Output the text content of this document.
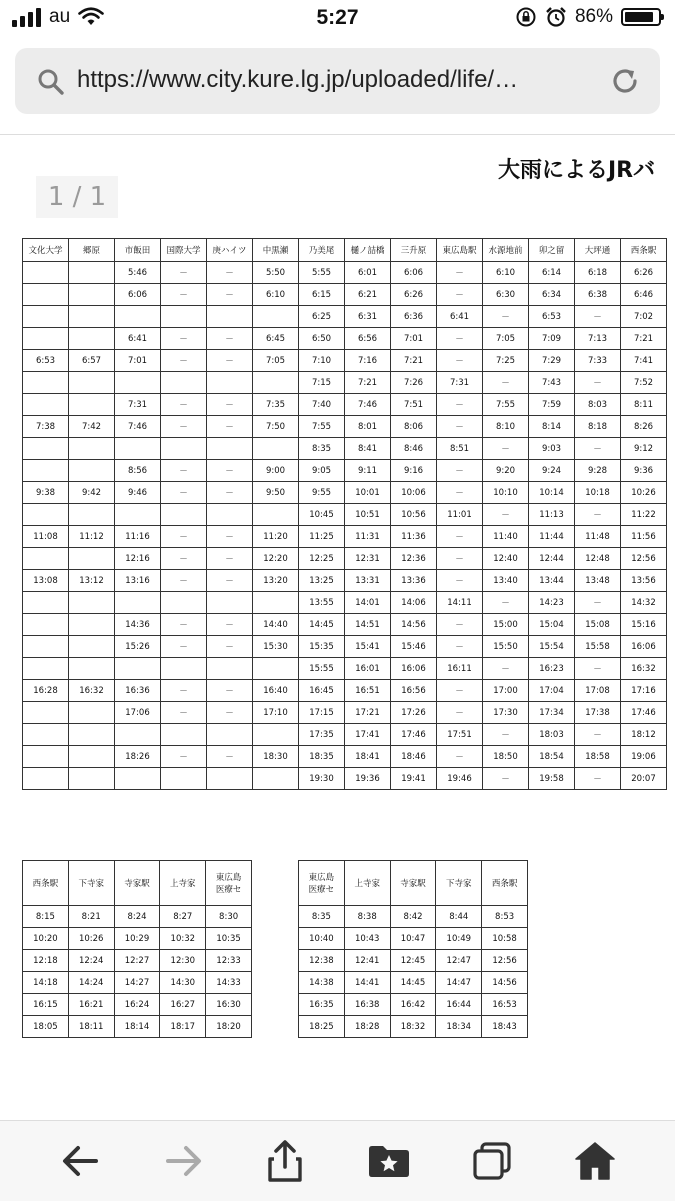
au	5:27	86%
https://www.city.kure.lg.jp/uploaded/life/…
大雨によるJRバ
1 / 1
文化大学	郷原	市飯田	国際大学	庚ハイツ	中黒瀬	乃美尾	樋ノ詰橋	三升原	東広島駅	水源地前	卯之留	大坪通	西条駅
		5:46	－	－	5:50	5:55	6:01	6:06	－	6:10	6:14	6:18	6:26
		6:06	－	－	6:10	6:15	6:21	6:26	－	6:30	6:34	6:38	6:46
						6:25	6:31	6:36	6:41	－	6:53	－	7:02
		6:41	－	－	6:45	6:50	6:56	7:01	－	7:05	7:09	7:13	7:21
6:53	6:57	7:01	－	－	7:05	7:10	7:16	7:21	－	7:25	7:29	7:33	7:41
						7:15	7:21	7:26	7:31	－	7:43	－	7:52
		7:31	－	－	7:35	7:40	7:46	7:51	－	7:55	7:59	8:03	8:11
7:38	7:42	7:46	－	－	7:50	7:55	8:01	8:06	－	8:10	8:14	8:18	8:26
						8:35	8:41	8:46	8:51	－	9:03	－	9:12
		8:56	－	－	9:00	9:05	9:11	9:16	－	9:20	9:24	9:28	9:36
9:38	9:42	9:46	－	－	9:50	9:55	10:01	10:06	－	10:10	10:14	10:18	10:26
						10:45	10:51	10:56	11:01	－	11:13	－	11:22
11:08	11:12	11:16	－	－	11:20	11:25	11:31	11:36	－	11:40	11:44	11:48	11:56
		12:16	－	－	12:20	12:25	12:31	12:36	－	12:40	12:44	12:48	12:56
13:08	13:12	13:16	－	－	13:20	13:25	13:31	13:36	－	13:40	13:44	13:48	13:56
						13:55	14:01	14:06	14:11	－	14:23	－	14:32
		14:36	－	－	14:40	14:45	14:51	14:56	－	15:00	15:04	15:08	15:16
		15:26	－	－	15:30	15:35	15:41	15:46	－	15:50	15:54	15:58	16:06
						15:55	16:01	16:06	16:11	－	16:23	－	16:32
16:28	16:32	16:36	－	－	16:40	16:45	16:51	16:56	－	17:00	17:04	17:08	17:16
		17:06	－	－	17:10	17:15	17:21	17:26	－	17:30	17:34	17:38	17:46
						17:35	17:41	17:46	17:51	－	18:03	－	18:12
		18:26	－	－	18:30	18:35	18:41	18:46	－	18:50	18:54	18:58	19:06
						19:30	19:36	19:41	19:46	－	19:58	－	20:07
西条駅	下寺家	寺家駅	上寺家	東広島
医療セ
8:15	8:21	8:24	8:27	8:30
10:20	10:26	10:29	10:32	10:35
12:18	12:24	12:27	12:30	12:33
14:18	14:24	14:27	14:30	14:33
16:15	16:21	16:24	16:27	16:30
18:05	18:11	18:14	18:17	18:20
東広島
医療セ	上寺家	寺家駅	下寺家	西条駅
8:35	8:38	8:42	8:44	8:53
10:40	10:43	10:47	10:49	10:58
12:38	12:41	12:45	12:47	12:56
14:38	14:41	14:45	14:47	14:56
16:35	16:38	16:42	16:44	16:53
18:25	18:28	18:32	18:34	18:43
